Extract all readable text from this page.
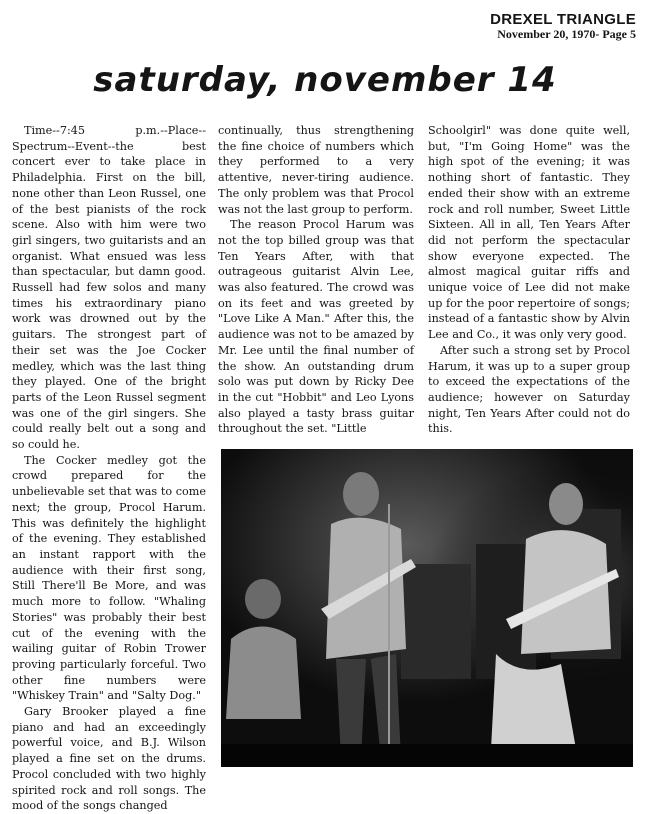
DREXEL TRIANGLE
November 20, 1970- Page 5
saturday, november 14

Time--7:45 p.m.--Place--Spectrum--Event--the best concert ever to take place in Philadelphia. First on the bill, none other than Leon Russel, one of the best pianists of the rock scene. Also with him were two girl singers, two guitarists and an organist. What ensued was less than spectacular, but damn good. Russell had few solos and many times his extraordinary piano work was drowned out by the guitars. The strongest part of their set was the Joe Cocker medley, which was the last thing they played. One of the bright parts of the Leon Russel segment was one of the girl singers. She could really belt out a song and so could he.

The Cocker medley got the crowd prepared for the unbelievable set that was to come next; the group, Procol Harum. This was definitely the highlight of the evening. They established an instant rapport with the audience with their first song, Still There'll Be More, and was much more to follow. "Whaling Stories" was probably their best cut of the evening with the wailing guitar of Robin Trower proving particularly forceful. Two other fine numbers were "Whiskey Train" and "Salty Dog."

Gary Brooker played a fine piano and had an exceedingly powerful voice, and B.J. Wilson played a fine set on the drums. Procol concluded with two highly spirited rock and roll songs. The mood of the songs changed

continually, thus strengthening the fine choice of numbers which they performed to a very attentive, never-tiring audience. The only problem was that Procol was not the last group to perform.

The reason Procol Harum was not the top billed group was that Ten Years After, with that outrageous guitarist Alvin Lee, was also featured. The crowd was on its feet and was greeted by "Love Like A Man." After this, the audience was not to be amazed by Mr. Lee until the final number of the show. An outstanding drum solo was put down by Ricky Dee in the cut "Hobbit" and Leo Lyons also played a tasty brass guitar throughout the set. "Little

Schoolgirl" was done quite well, but, "I'm Going Home" was the high spot of the evening; it was nothing short of fantastic. They ended their show with an extreme rock and roll number, Sweet Little Sixteen. All in all, Ten Years After did not perform the spectacular show everyone expected. The almost magical guitar riffs and unique voice of Lee did not make up for the poor repertoire of songs; instead of a fantastic show by Alvin Lee and Co., it was only very good.

After such a strong set by Procol Harum, it was up to a super group to exceed the expectations of the audience; however on Saturday night, Ten Years After could not do this.
